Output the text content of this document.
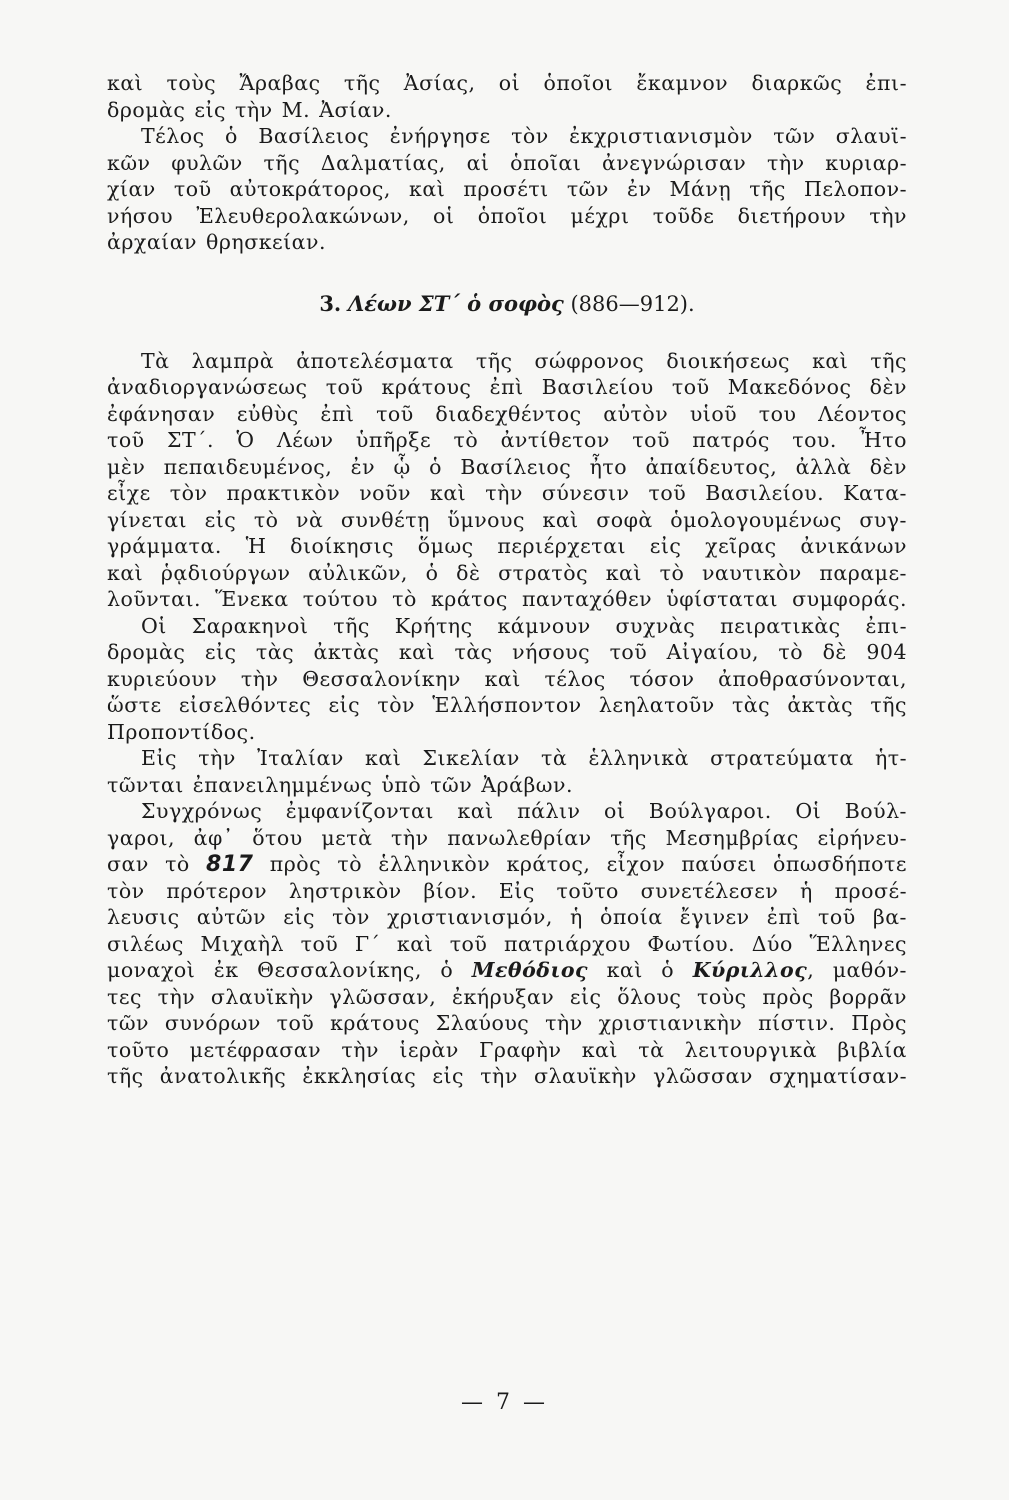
καὶ τοὺς Ἄραβας τῆς Ἀσίας, οἱ ὁποῖοι ἔκαμνον διαρκῶς ἐπι-
δρομὰς εἰς τὴν Μ. Ἀσίαν.
Τέλος ὁ Βασίλειος ἐνήργησε τὸν ἐκχριστιανισμὸν τῶν σλαυϊ-
κῶν φυλῶν τῆς Δαλματίας, αἱ ὁποῖαι ἀνεγνώρισαν τὴν κυριαρ-
χίαν τοῦ αὐτοκράτορος, καὶ προσέτι τῶν ἐν Μάνῃ τῆς Πελοπον-
νήσου Ἐλευθερολακώνων, οἱ ὁποῖοι μέχρι τοῦδε διετήρουν τὴν
ἀρχαίαν θρησκείαν.
3. Λέων ΣΤ΄ ὁ σοφὸς (886—912).
Τὰ λαμπρὰ ἀποτελέσματα τῆς σώφρονος διοικήσεως καὶ τῆς
ἀναδιοργανώσεως τοῦ κράτους ἐπὶ Βασιλείου τοῦ Μακεδόνος δὲν
ἐφάνησαν εὐθὺς ἐπὶ τοῦ διαδεχθέντος αὐτὸν υἱοῦ του Λέοντος
τοῦ ΣΤ΄. Ὁ Λέων ὑπῆρξε τὸ ἀντίθετον τοῦ πατρός του. Ἦτο
μὲν πεπαιδευμένος, ἐν ᾧ ὁ Βασίλειος ἦτο ἀπαίδευτος, ἀλλὰ δὲν
εἶχε τὸν πρακτικὸν νοῦν καὶ τὴν σύνεσιν τοῦ Βασιλείου. Κατα-
γίνεται εἰς τὸ νὰ συνθέτῃ ὕμνους καὶ σοφὰ ὁμολογουμένως συγ-
γράμματα. Ἡ διοίκησις ὅμως περιέρχεται εἰς χεῖρας ἀνικάνων
καὶ ῥᾳδιούργων αὐλικῶν, ὁ δὲ στρατὸς καὶ τὸ ναυτικὸν παραμε-
λοῦνται. Ἕνεκα τούτου τὸ κράτος πανταχόθεν ὑφίσταται συμφοράς.
Οἱ Σαρακηνοὶ τῆς Κρήτης κάμνουν συχνὰς πειρατικὰς ἐπι-
δρομὰς εἰς τὰς ἀκτὰς καὶ τὰς νήσους τοῦ Αἰγαίου, τὸ δὲ 904
κυριεύουν τὴν Θεσσαλονίκην καὶ τέλος τόσον ἀποθρασύνονται,
ὥστε εἰσελθόντες εἰς τὸν Ἑλλήσποντον λεηλατοῦν τὰς ἀκτὰς τῆς
Προποντίδος.
Εἰς τὴν Ἰταλίαν καὶ Σικελίαν τὰ ἑλληνικὰ στρατεύματα ἡτ-
τῶνται ἐπανειλημμένως ὑπὸ τῶν Ἀράβων.
Συγχρόνως ἐμφανίζονται καὶ πάλιν οἱ Βούλγαροι. Οἱ Βούλ-
γαροι, ἀφ᾽ ὅτου μετὰ τὴν πανωλεθρίαν τῆς Μεσημβρίας εἰρήνευ-
σαν τὸ 817 πρὸς τὸ ἑλληνικὸν κράτος, εἶχον παύσει ὁπωσδήποτε
τὸν πρότερον ληστρικὸν βίον. Εἰς τοῦτο συνετέλεσεν ἡ προσέ-
λευσις αὐτῶν εἰς τὸν χριστιανισμόν, ἡ ὁποία ἔγινεν ἐπὶ τοῦ βα-
σιλέως Μιχαὴλ τοῦ Γ΄ καὶ τοῦ πατριάρχου Φωτίου. Δύο Ἕλληνες
μοναχοὶ ἐκ Θεσσαλονίκης, ὁ Μεθόδιος καὶ ὁ Κύριλλος, μαθόν-
τες τὴν σλαυϊκὴν γλῶσσαν, ἐκήρυξαν εἰς ὅλους τοὺς πρὸς βορρᾶν
τῶν συνόρων τοῦ κράτους Σλαύους τὴν χριστιανικὴν πίστιν. Πρὸς
τοῦτο μετέφρασαν τὴν ἱερὰν Γραφὴν καὶ τὰ λειτουργικὰ βιβλία
τῆς ἀνατολικῆς ἐκκλησίας εἰς τὴν σλαυϊκὴν γλῶσσαν σχηματίσαν-
— 7 —
